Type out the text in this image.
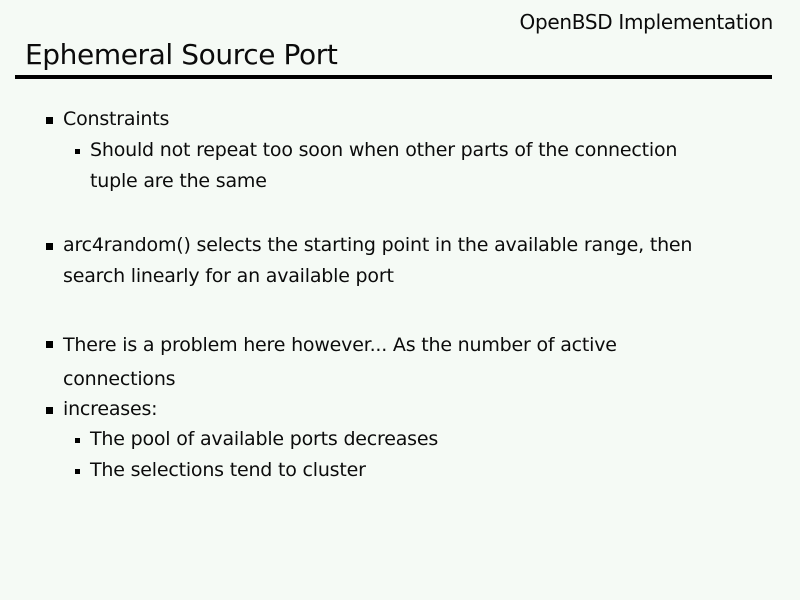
OpenBSD Implementation
Ephemeral Source Port
Constraints
Should not repeat too soon when other parts of the connection
tuple are the same
arc4random() selects the starting point in the available range, then
search linearly for an available port
There is a problem here however... As the number of active
connections
increases:
The pool of available ports decreases
The selections tend to cluster
